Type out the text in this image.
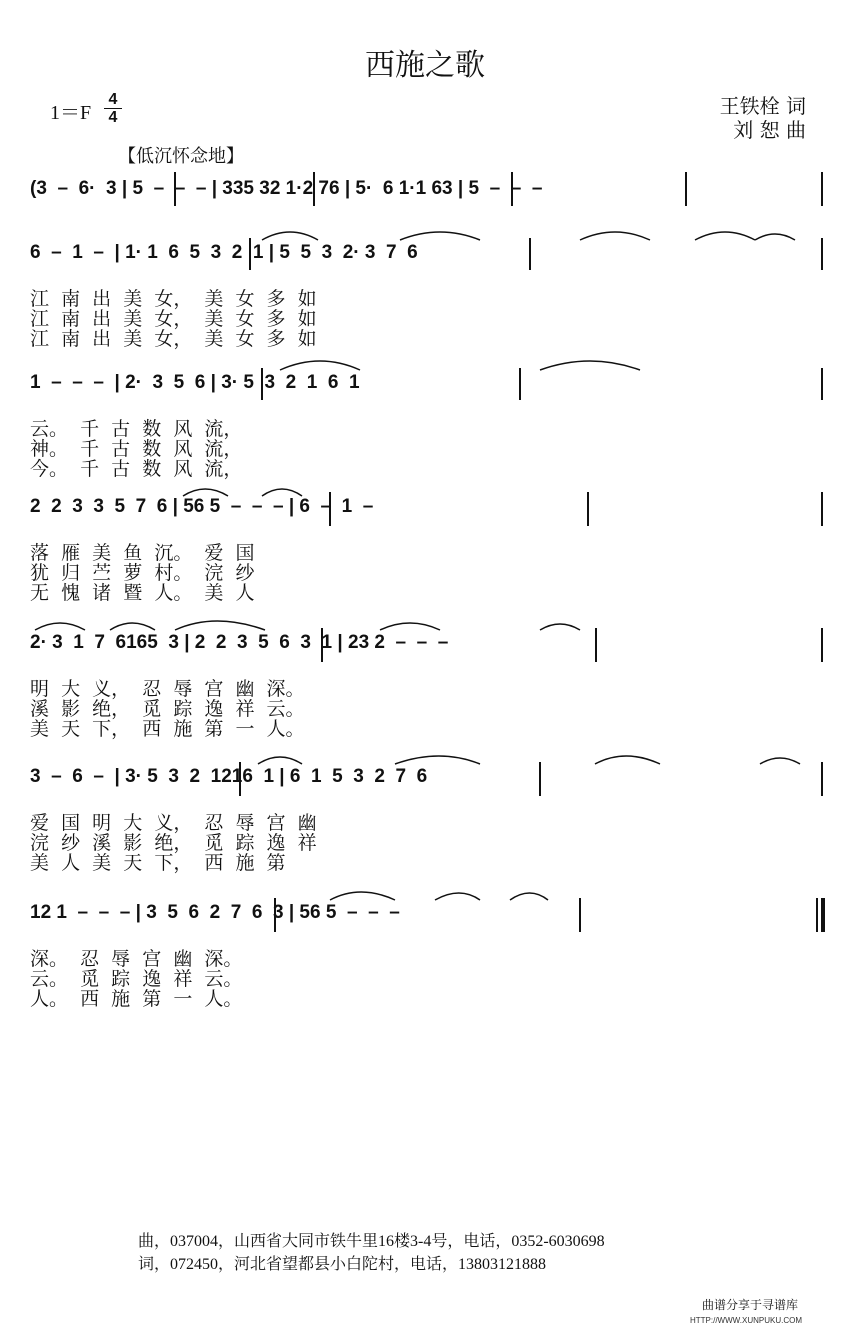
西施之歌
1＝F
4
4	王铁栓 词
刘 恕 曲
【低沉怀念地】
(3  –  6·  3 | 5  –  –  – | 335 32 1·2 76 | 5·  6 1·1 63 | 5  –  –  –
6  –  1  –  | 1· 1  6  5  3  2  1 | 5  5  3  2· 3  7  6
江  南  出  美  女，  美  女  多  如
江  南  出  美  女，  美  女  多  如
江  南  出  美  女，  美  女  多  如
1  –  –  –  | 2·  3  5  6 | 3· 5  3  2  1  6  1
云。  千  古  数  风  流，
神。  千  古  数  风  流，
今。  千  古  数  风  流，
2  2  3  3  5  7  6 | 56 5  –  –  – | 6  –  1  –
落  雁  美  鱼  沉。  爱  国
犹  归  苎  萝  村。  浣  纱
无  愧  诸  暨  人。  美  人
2· 3  1  7  6165  3 | 2  2  3  5  6  3  1 | 23 2  –  –  –
明  大  义，  忍  辱  宫  幽  深。
溪  影  绝，  觅  踪  逸  祥  云。
美  天  下，  西  施  第  一  人。
3  –  6  –  | 3· 5  3  2  1216  1 | 6  1  5  3  2  7  6
爱  国  明  大  义，  忍  辱  宫  幽
浣  纱  溪  影  绝，  觅  踪  逸  祥
美  人  美  天  下，  西  施  第
12 1  –  –  – | 3  5  6  2  7  6  3 | 56 5  –  –  –
深。  忍  辱  宫  幽  深。
云。  觅  踪  逸  祥  云。
人。  西  施  第  一  人。
曲，037004，山西省大同市铁牛里16楼3-4号，电话，0352-6030698
词，072450，河北省望都县小白陀村，电话，13803121888
曲谱分享于寻谱库
HTTP://WWW.XUNPUKU.COM
